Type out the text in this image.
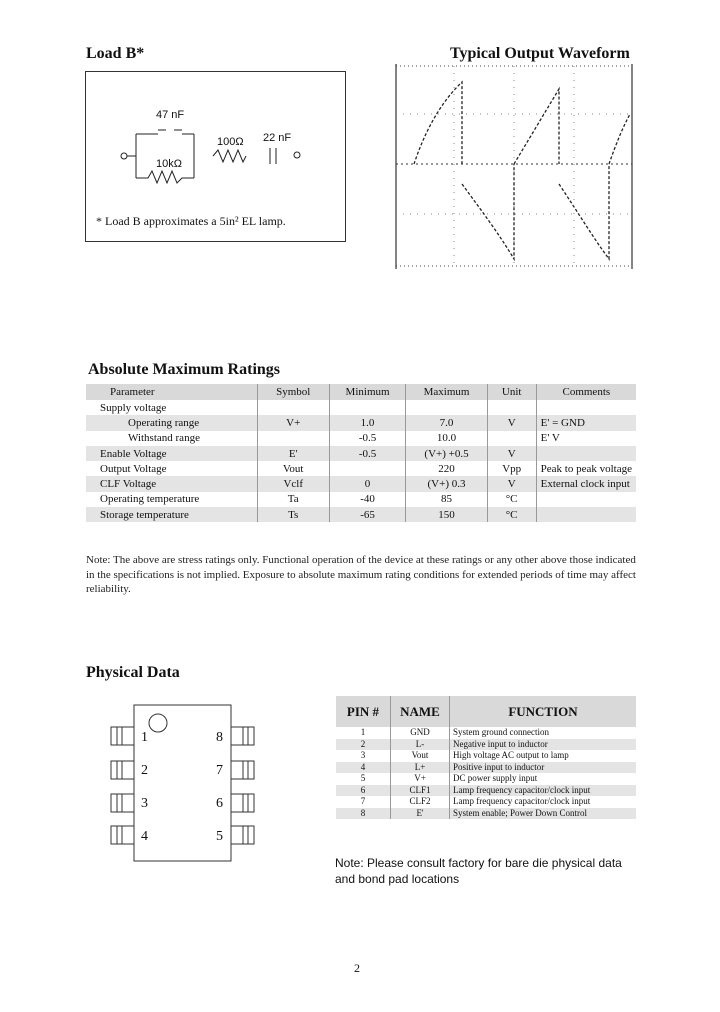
Load B*
47 nF
10kΩ
100Ω 22 nF
* Load B approximates a 5in² EL lamp.
Typical Output Waveform
Absolute Maximum Ratings
Parameter	Symbol	Minimum	Maximum	Unit	Comments
Supply voltage					
Operating range	V+	1.0	7.0	V	E' = GND
Withstand range		-0.5	10.0		E' V
Enable Voltage	E'	-0.5	(V+) +0.5	V	
Output Voltage	Vout		220	Vpp	Peak to peak voltage
CLF Voltage	Vclf	0	(V+) 0.3	V	External clock input
Operating temperature	Ta	-40	85	°C	
Storage temperature	Ts	-65	150	°C	
Note: The above are stress ratings only. Functional operation of the device at these ratings or any other above those indicated in the specifications is not implied. Exposure to absolute maximum rating conditions for extended periods of time may affect reliability.
Physical Data
1
2
3
4
8
7
6
5
PIN #	NAME	FUNCTION
1	GND	System ground connection
2	L-	Negative input to inductor
3	Vout	High voltage AC output to lamp
4	L+	Positive input to inductor
5	V+	DC power supply input
6	CLF1	Lamp frequency capacitor/clock input
7	CLF2	Lamp frequency capacitor/clock input
8	E'	System enable; Power Down Control
Note: Please consult factory for bare die physical data
and bond pad locations
2
